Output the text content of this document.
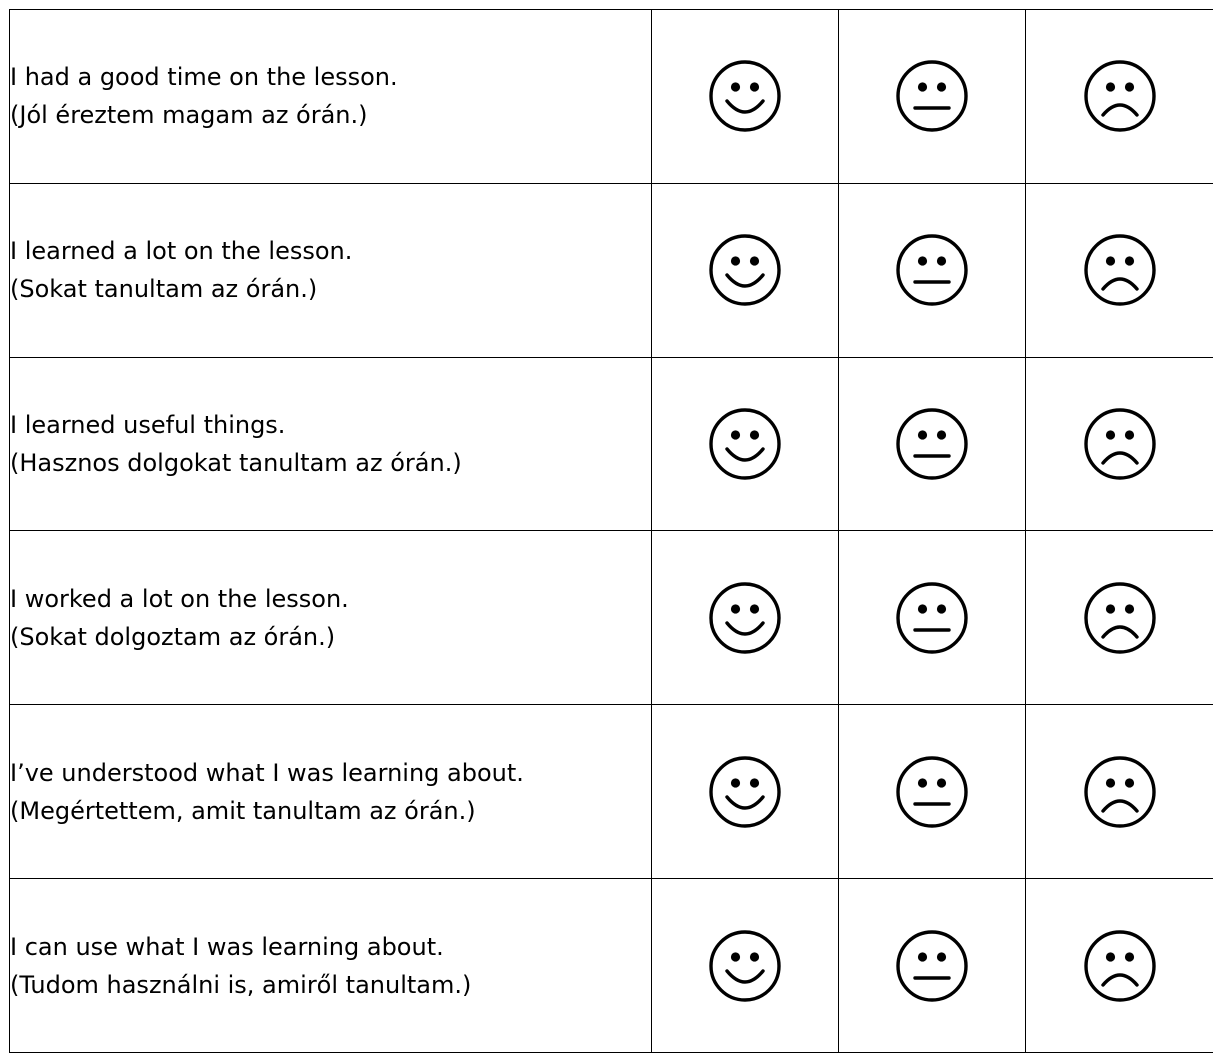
I had a good time on the lesson.
(Jól éreztem magam az órán.)

I learned a lot on the lesson.
(Sokat tanultam az órán.)

I learned useful things.
(Hasznos dolgokat tanultam az órán.)

I worked a lot on the lesson.
(Sokat dolgoztam az órán.)

I’ve understood what I was learning about.
(Megértettem, amit tanultam az órán.)

I can use what I was learning about.
(Tudom használni is, amiről tanultam.)
